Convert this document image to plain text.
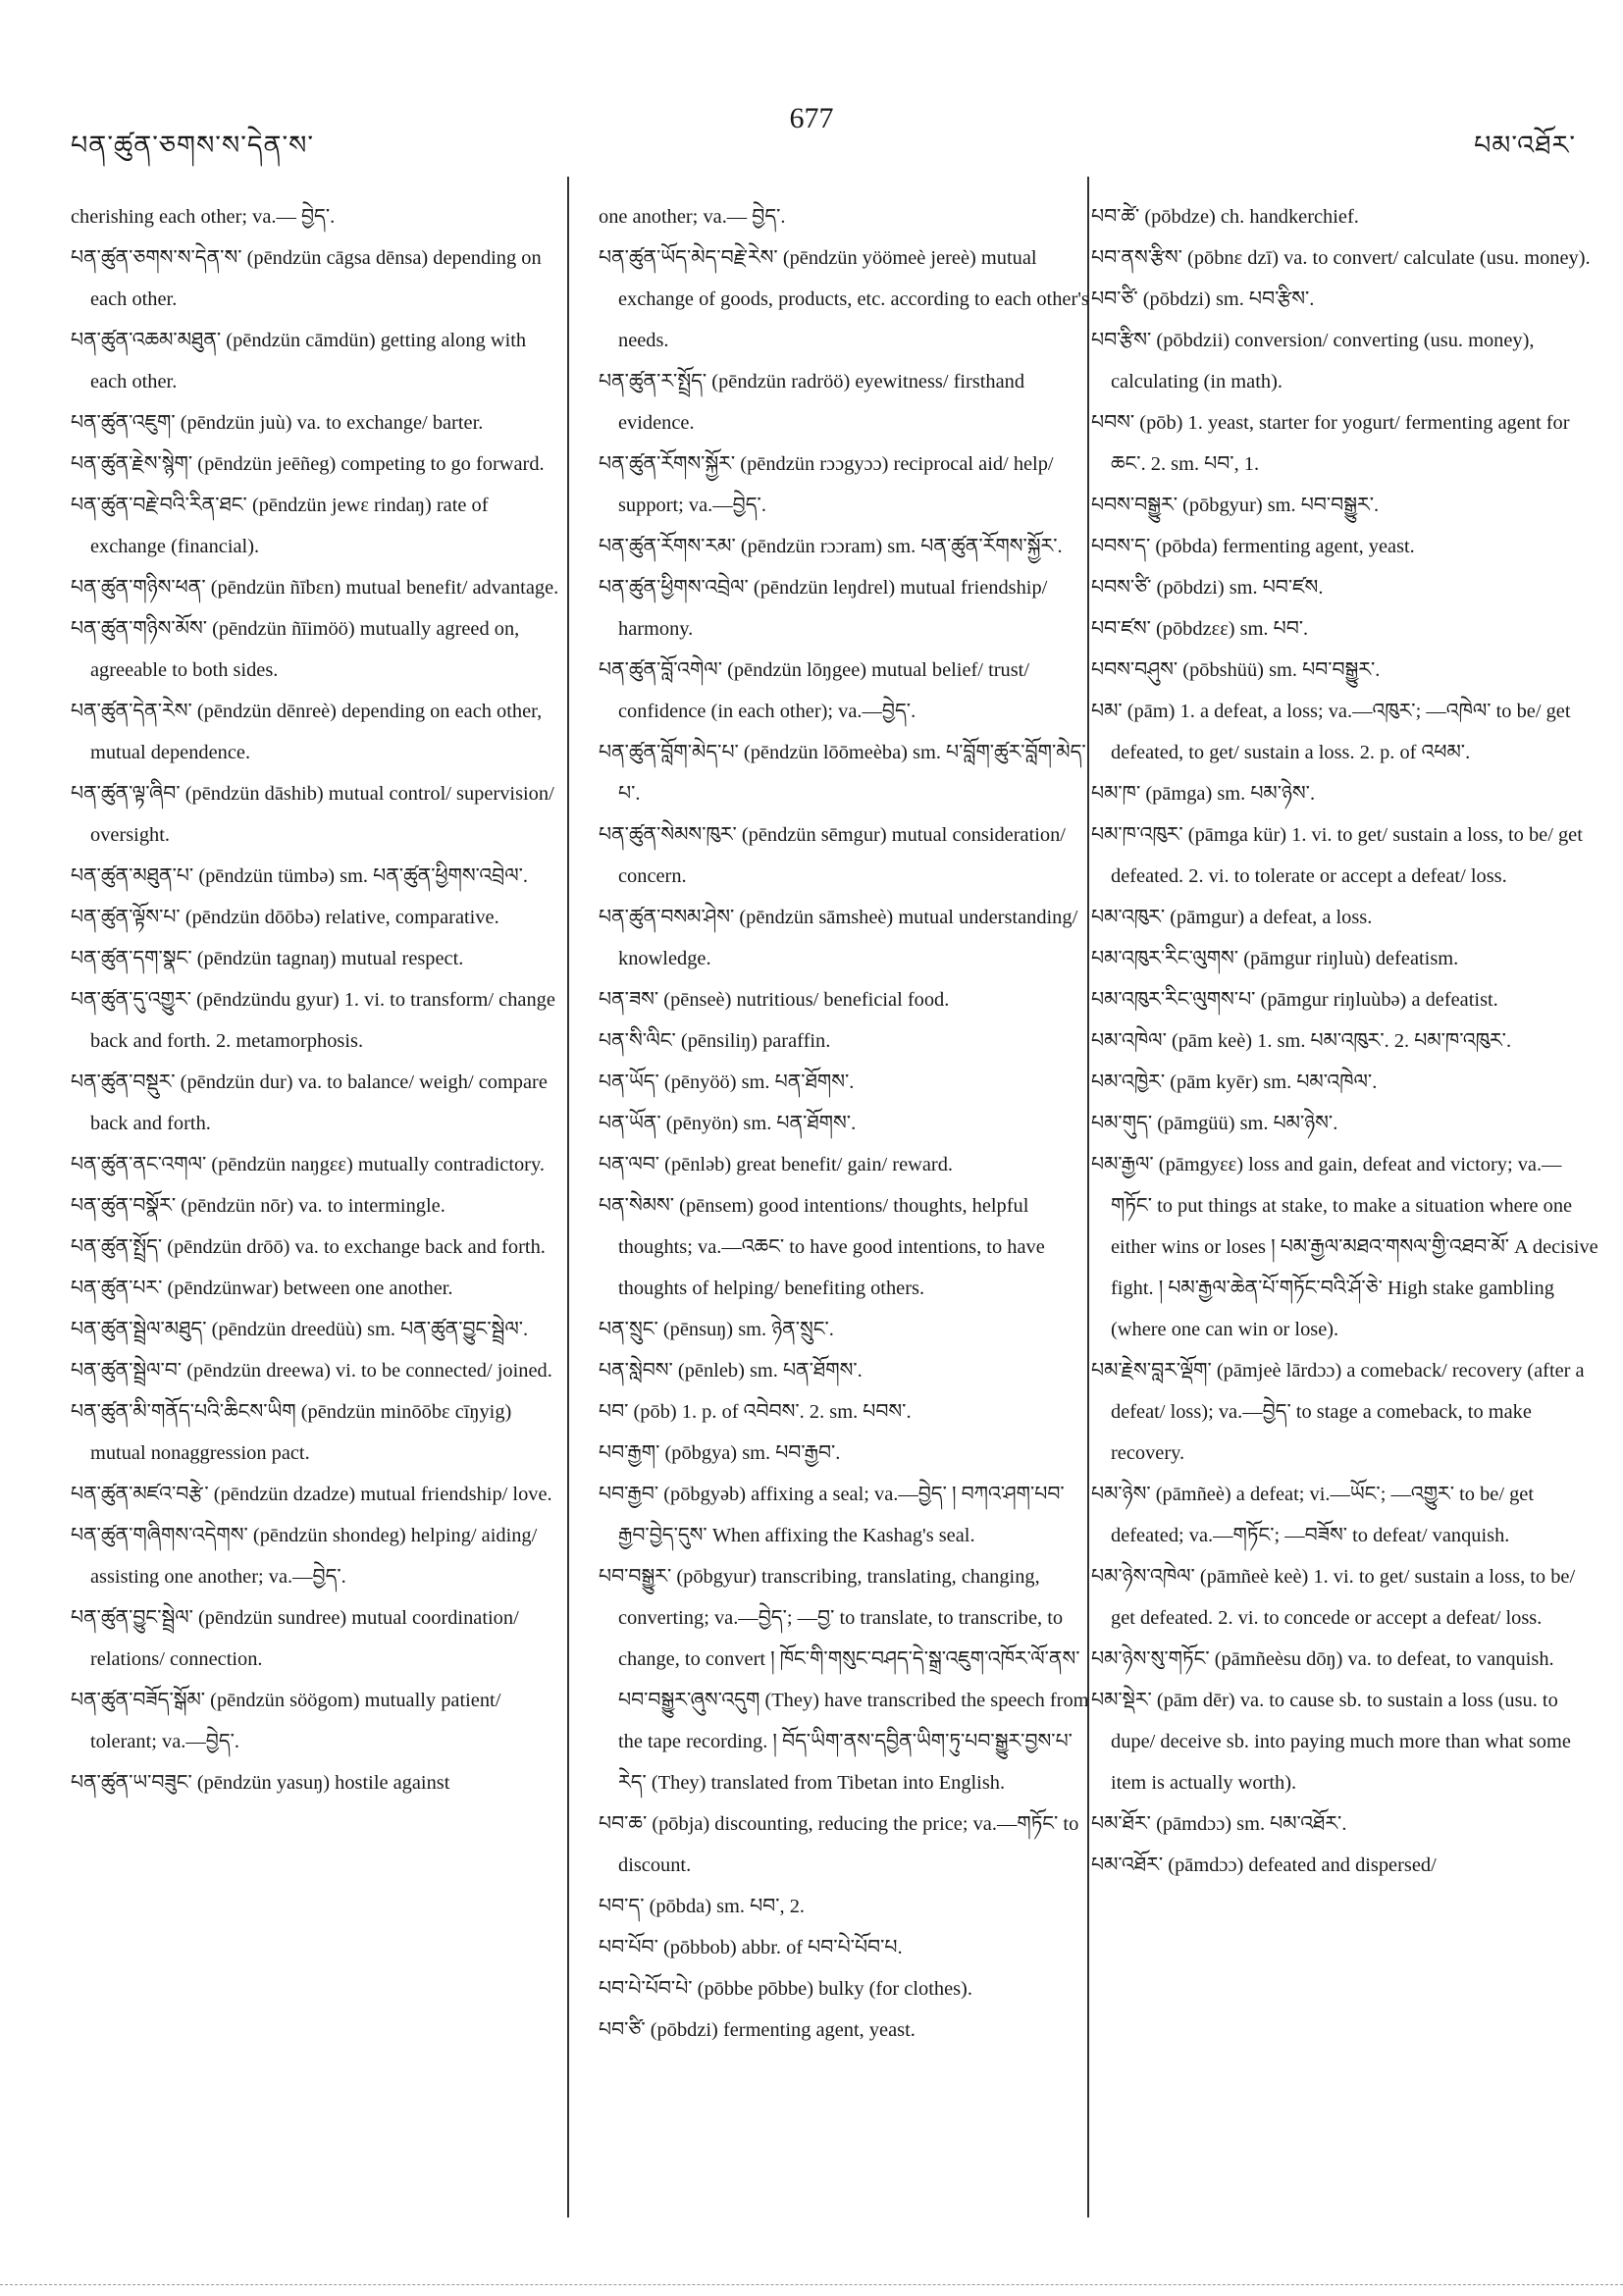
པན་ཚུན་ཅགས་ས་དེན་ས་
677
པམ་འཐོར་
cherishing each other; va.— བྱེད་.
པན་ཚུན་ཅགས་ས་དེན་ས་ (pēndzün cāgsa dēnsa) depending on each other.
པན་ཚུན་འཆམ་མཐུན་ (pēndzün cāmdün) getting along with each other.
པན་ཚུན་འཇུག་ (pēndzün juù) va. to exchange/ barter.
པན་ཚུན་རྗེས་སྙེག་ (pēndzün jeēñeg) competing to go forward.
པན་ཚུན་བརྗེ་བའི་རིན་ཐང་ (pēndzün jewɛ rindaŋ) rate of exchange (financial).
པན་ཚུན་གཉིས་ཕན་ (pēndzün ñībɛn) mutual benefit/ advantage.
པན་ཚུན་གཉིས་མོས་ (pēndzün ñīimöö) mutually agreed on, agreeable to both sides.
པན་ཚུན་དེན་རེས་ (pēndzün dēnreè) depending on each other, mutual dependence.
པན་ཚུན་ལྟ་ཞིབ་ (pēndzün dāshib) mutual control/ supervision/ oversight.
པན་ཚུན་མཐུན་པ་ (pēndzün tümbə) sm. པན་ཚུན་ཕྱིགས་འབྲེལ་.
པན་ཚུན་ལྟོས་པ་ (pēndzün dōōbə) relative, comparative.
པན་ཚུན་དག་སྣང་ (pēndzün tagnaŋ) mutual respect.
པན་ཚུན་དུ་འགྱུར་ (pēndzündu gyur) 1. vi. to transform/ change back and forth. 2. metamorphosis.
པན་ཚུན་བསྡུར་ (pēndzün dur) va. to balance/ weigh/ compare back and forth.
པན་ཚུན་ནང་འགལ་ (pēndzün naŋgɛɛ) mutually contradictory.
པན་ཚུན་བསྣོར་ (pēndzün nōr) va. to intermingle.
པན་ཚུན་སྤྲོད་ (pēndzün drōō) va. to exchange back and forth.
པན་ཚུན་པར་ (pēndzünwar) between one another.
པན་ཚུན་སྦྲེལ་མཐུད་ (pēndzün dreedüù) sm. པན་ཚུན་བྱུང་སྦྲེལ་.
པན་ཚུན་སྦྲེལ་བ་ (pēndzün dreewa) vi. to be connected/ joined.
པན་ཚུན་མི་གནོད་པའི་ཆིངས་ཡིག (pēndzün minōōbɛ cīŋyig) mutual nonaggression pact.
པན་ཚུན་མཛའ་བརྩེ་ (pēndzün dzadze) mutual friendship/ love.
པན་ཚུན་གཞིགས་འདེགས་ (pēndzün shondeg) helping/ aiding/ assisting one another; va.—བྱེད་.
པན་ཚུན་བྱུང་སྦྲེལ་ (pēndzün sundree) mutual coordination/ relations/ connection.
པན་ཚུན་བཟོད་སྒོམ་ (pēndzün söögom) mutually patient/ tolerant; va.—བྱེད་.
པན་ཚུན་ཡ་བཟུང་ (pēndzün yasuŋ) hostile against
one another; va.— བྱེད་.
པན་ཚུན་ཡོད་མེད་བརྗེ་རེས་ (pēndzün yöömeè jereè) mutual exchange of goods, products, etc. according to each other's needs.
པན་ཚུན་ར་སྤྲོད་ (pēndzün radröö) eyewitness/ firsthand evidence.
པན་ཚུན་རོགས་སྐྱོར་ (pēndzün rɔɔgyɔɔ) reciprocal aid/ help/ support; va.—བྱེད་.
པན་ཚུན་རོགས་རམ་ (pēndzün rɔɔram) sm. པན་ཚུན་རོགས་སྐྱོར་.
པན་ཚུན་ཕྱིགས་འབྲེལ་ (pēndzün leŋdrel) mutual friendship/ harmony.
པན་ཚུན་བློ་འགེལ་ (pēndzün lōŋgee) mutual belief/ trust/ confidence (in each other); va.—བྱེད་.
པན་ཚུན་བློག་མེད་པ་ (pēndzün lōōmeèba) sm. པ་བློག་ཚུར་བློག་མེད་པ་.
པན་ཚུན་སེམས་ཁུར་ (pēndzün sēmgur) mutual consideration/ concern.
པན་ཚུན་བསམ་ཤེས་ (pēndzün sāmsheè) mutual understanding/ knowledge.
པན་ཟས་ (pēnseè) nutritious/ beneficial food.
པན་སི་ལིང་ (pēnsiliŋ) paraffin.
པན་ཡོད་ (pēnyöö) sm. པན་ཐོགས་.
པན་ཡོན་ (pēnyön) sm. པན་ཐོགས་.
པན་ལབ་ (pēnləb) great benefit/ gain/ reward.
པན་སེམས་ (pēnsem) good intentions/ thoughts, helpful thoughts; va.—འཆང་ to have good intentions, to have thoughts of helping/ benefiting others.
པན་སྲུང་ (pēnsuŋ) sm. ཉེན་སྲུང་.
པན་སླེབས་ (pēnleb) sm. པན་ཐོགས་.
པབ་ (pōb) 1. p. of འབེབས་. 2. sm. པབས་.
པབ་རྒྱག་ (pōbgya) sm. པབ་རྒྱབ་.
པབ་རྒྱབ་ (pōbgyəb) affixing a seal; va.—བྱེད་ ། བཀའ་ཤག་པབ་རྒྱབ་བྱེད་དུས་ When affixing the Kashag's seal.
པབ་བསྒྱུར་ (pōbgyur) transcribing, translating, changing, converting; va.—བྱེད་; —བྱ་ to translate, to transcribe, to change, to convert ། ཁོང་གི་གསུང་བཤད་དེ་སྒྲ་འཇུག་འཁོར་ལོ་ནས་པབ་བསྒྱུར་ཞུས་འདུག (They) have transcribed the speech from the tape recording. ། བོད་ཡིག་ནས་དབྱིན་ཡིག་ཏུ་པབ་སྒྱུར་བྱས་པ་རེད་ (They) translated from Tibetan into English.
པབ་ཆ་ (pōbja) discounting, reducing the price; va.—གཏོང་ to discount.
པབ་ད་ (pōbda) sm. པབ་, 2.
པབ་པོབ་ (pōbbob) abbr. of པབ་པེ་པོབ་པ.
པབ་པེ་པོབ་པེ་ (pōbbe pōbbe) bulky (for clothes).
པབ་ཙི་ (pōbdzi) fermenting agent, yeast.
པབ་ཚེ་ (pōbdze) ch. handkerchief.
པབ་ནས་རྩིས་ (pōbnɛ dzī) va. to convert/ calculate (usu. money).
པབ་ཙི་ (pōbdzi) sm. པབ་རྩིས་.
པབ་རྩིས་ (pōbdzii) conversion/ converting (usu. money), calculating (in math).
པབས་ (pōb) 1. yeast, starter for yogurt/ fermenting agent for ཆང་. 2. sm. པབ་, 1.
པབས་བསྒྱུར་ (pōbgyur) sm. པབ་བསྒྱུར་.
པབས་ད་ (pōbda) fermenting agent, yeast.
པབས་ཙི་ (pōbdzi) sm. པབ་ཛས.
པབ་ཛས་ (pōbdzɛɛ) sm. པབ་.
པབས་བཤུས་ (pōbshüü) sm. པབ་བསྒྱུར་.
པམ་ (pām) 1. a defeat, a loss; va.—འཁུར་; —འཁེལ་ to be/ get defeated, to get/ sustain a loss. 2. p. of འཕམ་.
པམ་ཁ་ (pāmga) sm. པམ་ཉེས་.
པམ་ཁ་འཁུར་ (pāmga kür) 1. vi. to get/ sustain a loss, to be/ get defeated. 2. vi. to tolerate or accept a defeat/ loss.
པམ་འཁུར་ (pāmgur) a defeat, a loss.
པམ་འཁུར་རིང་ལུགས་ (pāmgur riŋluù) defeatism.
པམ་འཁུར་རིང་ལུགས་པ་ (pāmgur riŋluùbə) a defeatist.
པམ་འཁེལ་ (pām keè) 1. sm. པམ་འཁུར་. 2. པམ་ཁ་འཁུར་.
པམ་འཁྱེར་ (pām kyēr) sm. པམ་འཁེལ་.
པམ་གུད་ (pāmgüü) sm. པམ་ཉེས་.
པམ་རྒྱལ་ (pāmgyɛɛ) loss and gain, defeat and victory; va.—གཏོང་ to put things at stake, to make a situation where one either wins or loses ། པམ་རྒྱལ་མཐའ་གསལ་གྱི་འཐབ་མོ་ A decisive fight. ། པམ་རྒྱལ་ཆེན་པོ་གཏོང་བའི་ཤོ་ཅེ་ High stake gambling (where one can win or lose).
པམ་རྗེས་བླར་ལྡོག་ (pāmjeè lārdɔɔ) a comeback/ recovery (after a defeat/ loss); va.—བྱེད་ to stage a comeback, to make recovery.
པམ་ཉེས་ (pāmñeè) a defeat; vi.—ཡོང་; —འགྱུར་ to be/ get defeated; va.—གཏོང་; —བཟོས་ to defeat/ vanquish.
པམ་ཉེས་འཁེལ་ (pāmñeè keè) 1. vi. to get/ sustain a loss, to be/ get defeated. 2. vi. to concede or accept a defeat/ loss.
པམ་ཉེས་སུ་གཏོང་ (pāmñeèsu dōŋ) va. to defeat, to vanquish.
པམ་སྡེར་ (pām dēr) va. to cause sb. to sustain a loss (usu. to dupe/ deceive sb. into paying much more than what some item is actually worth).
པམ་ཐོར་ (pāmdɔɔ) sm. པམ་འཐོར་.
པམ་འཐོར་ (pāmdɔɔ) defeated and dispersed/
